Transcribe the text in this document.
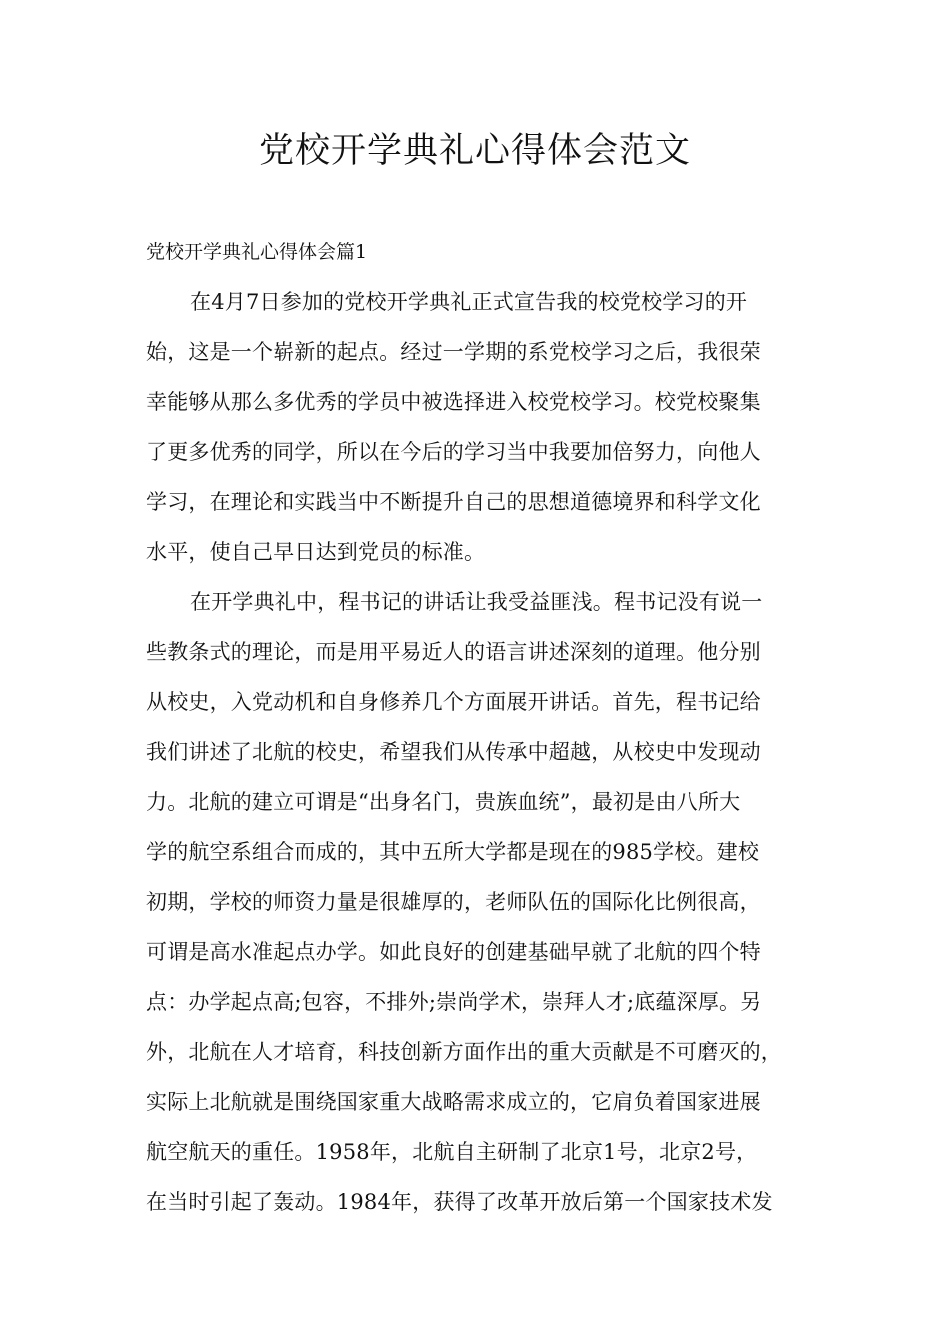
党校开学典礼心得体会范文

党校开学典礼心得体会篇1

在4月7日参加的党校开学典礼正式宣告我的校党校学习的开

始，这是一个崭新的起点。经过一学期的系党校学习之后，我很荣

幸能够从那么多优秀的学员中被选择进入校党校学习。校党校聚集

了更多优秀的同学，所以在今后的学习当中我要加倍努力，向他人

学习，在理论和实践当中不断提升自己的思想道德境界和科学文化

水平，使自己早日达到党员的标准。

在开学典礼中，程书记的讲话让我受益匪浅。程书记没有说一

些教条式的理论，而是用平易近人的语言讲述深刻的道理。他分别

从校史，入党动机和自身修养几个方面展开讲话。首先，程书记给

我们讲述了北航的校史，希望我们从传承中超越，从校史中发现动

力。北航的建立可谓是“出身名门，贵族血统”，最初是由八所大

学的航空系组合而成的，其中五所大学都是现在的985学校。建校

初期，学校的师资力量是很雄厚的，老师队伍的国际化比例很高，

可谓是高水准起点办学。如此良好的创建基础早就了北航的四个特

点：办学起点高;包容，不排外;崇尚学术，崇拜人才;底蕴深厚。另

外，北航在人才培育，科技创新方面作出的重大贡献是不可磨灭的，

实际上北航就是围绕国家重大战略需求成立的，它肩负着国家进展

航空航天的重任。1958年，北航自主研制了北京1号，北京2号，

在当时引起了轰动。1984年，获得了改革开放后第一个国家技术发
